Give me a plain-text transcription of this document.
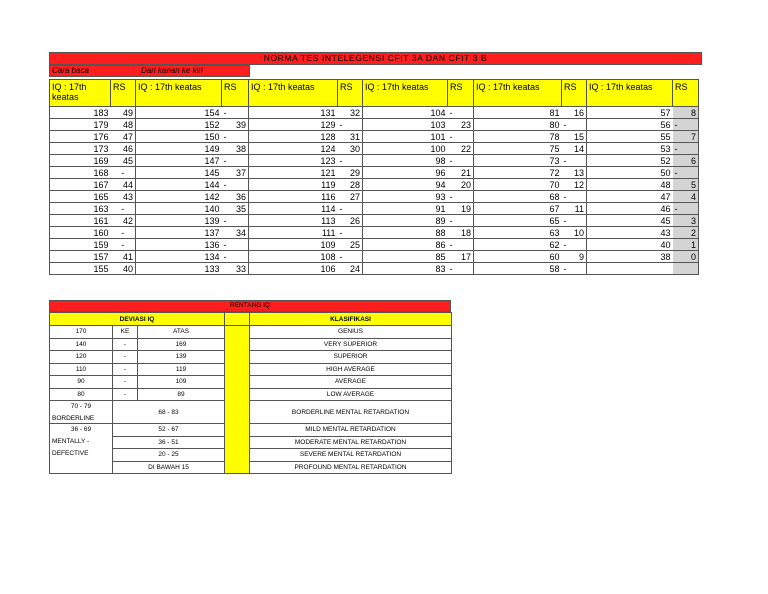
NORMA TES INTELEGENSI CFIT 3A DAN CFIT 3 B
Cara baca	Dari kanan ke kiri
IQ : 17th keatas	RS	IQ : 17th keatas	RS	IQ : 17th keatas	RS	IQ : 17th keatas	RS	IQ : 17th keatas	RS	IQ : 17th keatas	RS
183	49	154	-	131	32	104	-	81	16	57	8
179	48	152	39	129	-	103	23	80	-	56	-
176	47	150	-	128	31	101	-	78	15	55	7
173	46	149	38	124	30	100	22	75	14	53	-
169	45	147	-	123	-	98	-	73	-	52	6
168	-	145	37	121	29	96	21	72	13	50	-
167	44	144	-	119	28	94	20	70	12	48	5
165	43	142	36	116	27	93	-	68	-	47	4
163	-	140	35	114	-	91	19	67	11	46	-
161	42	139	-	113	26	89	-	65	-	45	3
160	-	137	34	111	-	88	18	63	10	43	2
159	-	136	-	109	25	86	-	62	-	40	1
157	41	134	-	108	-	85	17	60	9	38	0
155	40	133	33	106	24	83	-	58	-		
RENTANG IQ
DEVIASI IQ				KLASIFIKASI
170	KE	ATAS		GENIUS
140	-	169		VERY SUPERIOR
120	-	139		SUPERIOR
110	-	119		HIGH AVERAGE
90	-	109		AVERAGE
80	-	89		LOW AVERAGE

70 - 79
BORDERLINE	68 - 83			BORDERLINE MENTAL RETARDATION

36 - 69
MENTALLY -
DEFECTIVE	52 - 67			MILD MENTAL RETARDATION
	36 - 51			MODERATE MENTAL RETARDATION
	20 - 25			SEVERE MENTAL RETARDATION
	DI BAWAH 15			PROFOUND MENTAL RETARDATION
